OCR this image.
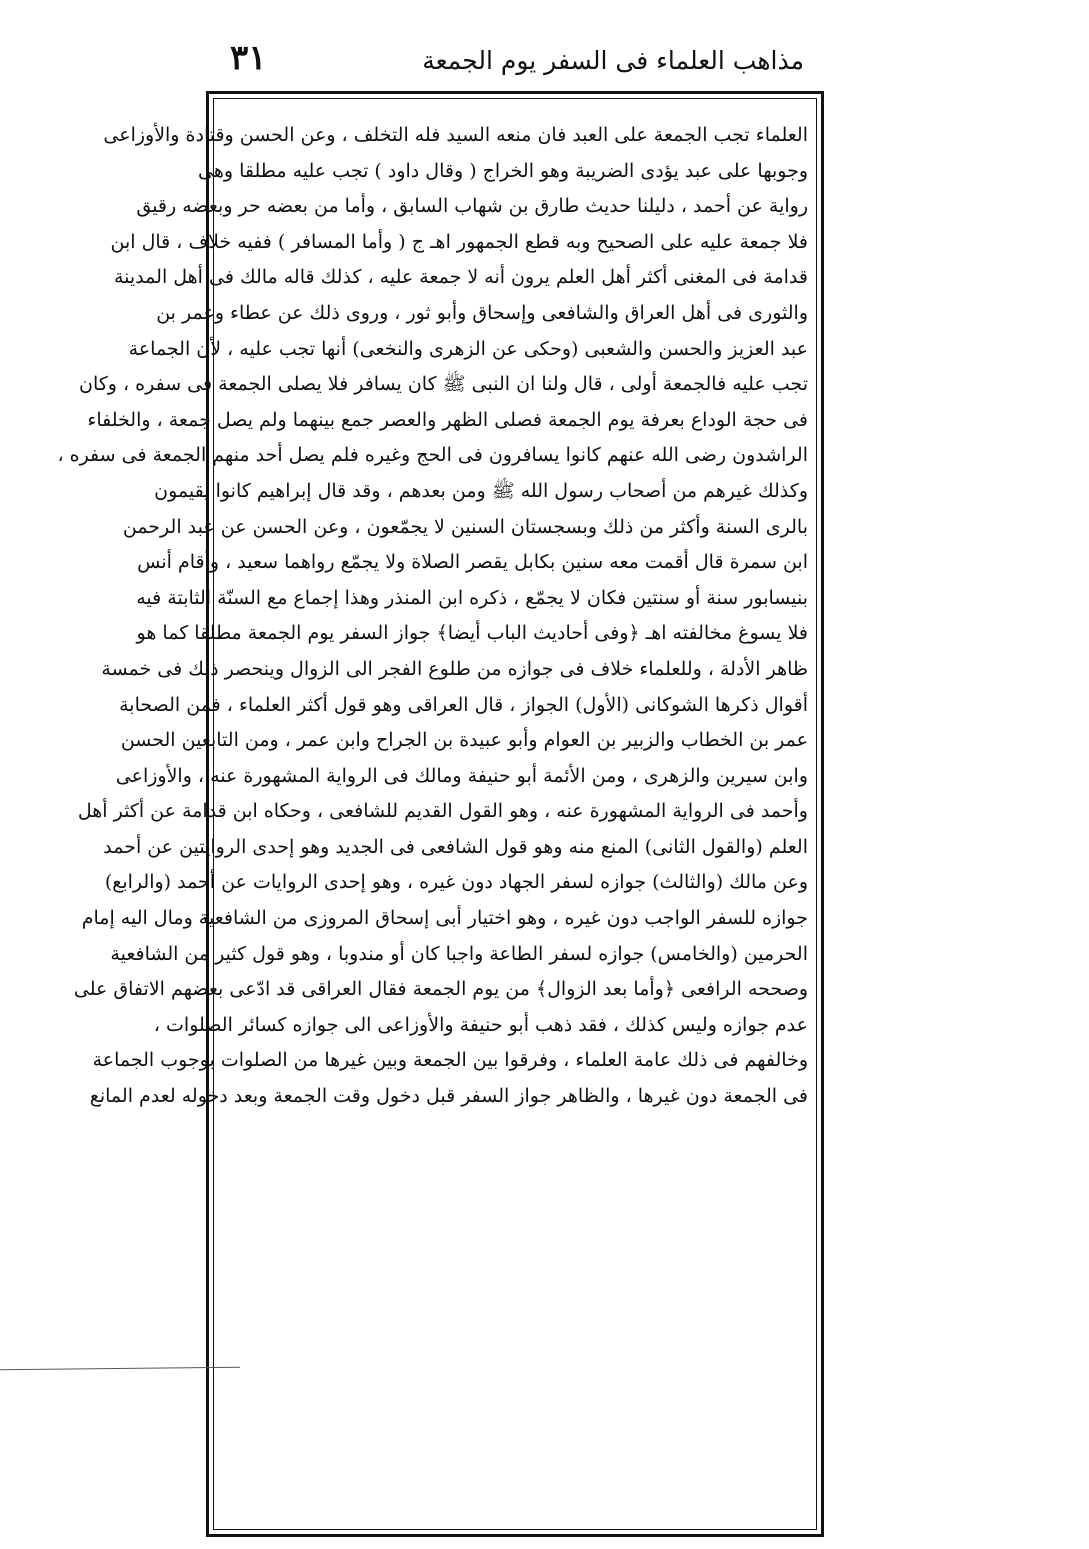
مذاهب العلماء فى السفر يوم الجمعة
٣١
العلماء تجب الجمعة على العبد فان منعه السيد فله التخلف ، وعن الحسن وقتادة والأوزاعى
وجوبها على عبد يؤدى الضريبة وهو الخراج ( وقال داود ) تجب عليه مطلقا وهى
رواية عن أحمد ، دليلنا حديث طارق بن شهاب السابق ، وأما من بعضه حر وبعضه رقيق
فلا جمعة عليه على الصحيح وبه قطع الجمهور اهـ ج ( وأما المسافر ) ففيه خلاف ، قال ابن
قدامة فى المغنى أكثر أهل العلم يرون أنه لا جمعة عليه ، كذلك قاله مالك فى أهل المدينة
والثورى فى أهل العراق والشافعى وإسحاق وأبو ثور ، وروى ذلك عن عطاء وعمر بن
عبد العزيز والحسن والشعبى (وحكى عن الزهرى والنخعى) أنها تجب عليه ، لأن الجماعة
تجب عليه فالجمعة أولى ، قال ولنا ان النبى ﷺ كان يسافر فلا يصلى الجمعة فى سفره ، وكان
فى حجة الوداع بعرفة يوم الجمعة فصلى الظهر والعصر جمع بينهما ولم يصل جمعة ، والخلفاء
الراشدون رضى الله عنهم كانوا يسافرون فى الحج وغيره فلم يصل أحد منهم الجمعة فى سفره ،
وكذلك غيرهم من أصحاب رسول الله ﷺ ومن بعدهم ، وقد قال إبراهيم كانوا يقيمون
بالرى السنة وأكثر من ذلك وبسجستان السنين لا يجمّعون ، وعن الحسن عن عبد الرحمن
ابن سمرة قال أقمت معه سنين بكابل يقصر الصلاة ولا يجمّع رواهما سعيد ، وأقام أنس
بنيسابور سنة أو سنتين فكان لا يجمّع ، ذكره ابن المنذر وهذا إجماع مع السنّة الثابتة فيه
فلا يسوغ مخالفته اهـ ﴿وفى أحاديث الباب أيضا﴾ جواز السفر يوم الجمعة مطلقا كما هو
ظاهر الأدلة ، وللعلماء خلاف فى جوازه من طلوع الفجر الى الزوال وينحصر ذلك فى خمسة
أقوال ذكرها الشوكانى (الأول) الجواز ، قال العراقى وهو قول أكثر العلماء ، فمن الصحابة
عمر بن الخطاب والزبير بن العوام وأبو عبيدة بن الجراح وابن عمر ، ومن التابعين الحسن
وابن سيرين والزهرى ، ومن الأئمة أبو حنيفة ومالك فى الرواية المشهورة عنه ، والأوزاعى
وأحمد فى الرواية المشهورة عنه ، وهو القول القديم للشافعى ، وحكاه ابن قدامة عن أكثر أهل
العلم (والقول الثانى) المنع منه وهو قول الشافعى فى الجديد وهو إحدى الروايتين عن أحمد
وعن مالك (والثالث) جوازه لسفر الجهاد دون غيره ، وهو إحدى الروايات عن أحمد (والرابع)
جوازه للسفر الواجب دون غيره ، وهو اختيار أبى إسحاق المروزى من الشافعية ومال اليه إمام
الحرمين (والخامس) جوازه لسفر الطاعة واجبا كان أو مندوبا ، وهو قول كثير من الشافعية
وصححه الرافعى ﴿وأما بعد الزوال﴾ من يوم الجمعة فقال العراقى قد ادّعى بعضهم الاتفاق على
عدم جوازه وليس كذلك ، فقد ذهب أبو حنيفة والأوزاعى الى جوازه كسائر الصلوات ،
وخالفهم فى ذلك عامة العلماء ، وفرقوا بين الجمعة وبين غيرها من الصلوات بوجوب الجماعة
فى الجمعة دون غيرها ، والظاهر جواز السفر قبل دخول وقت الجمعة وبعد دخوله لعدم المانع
